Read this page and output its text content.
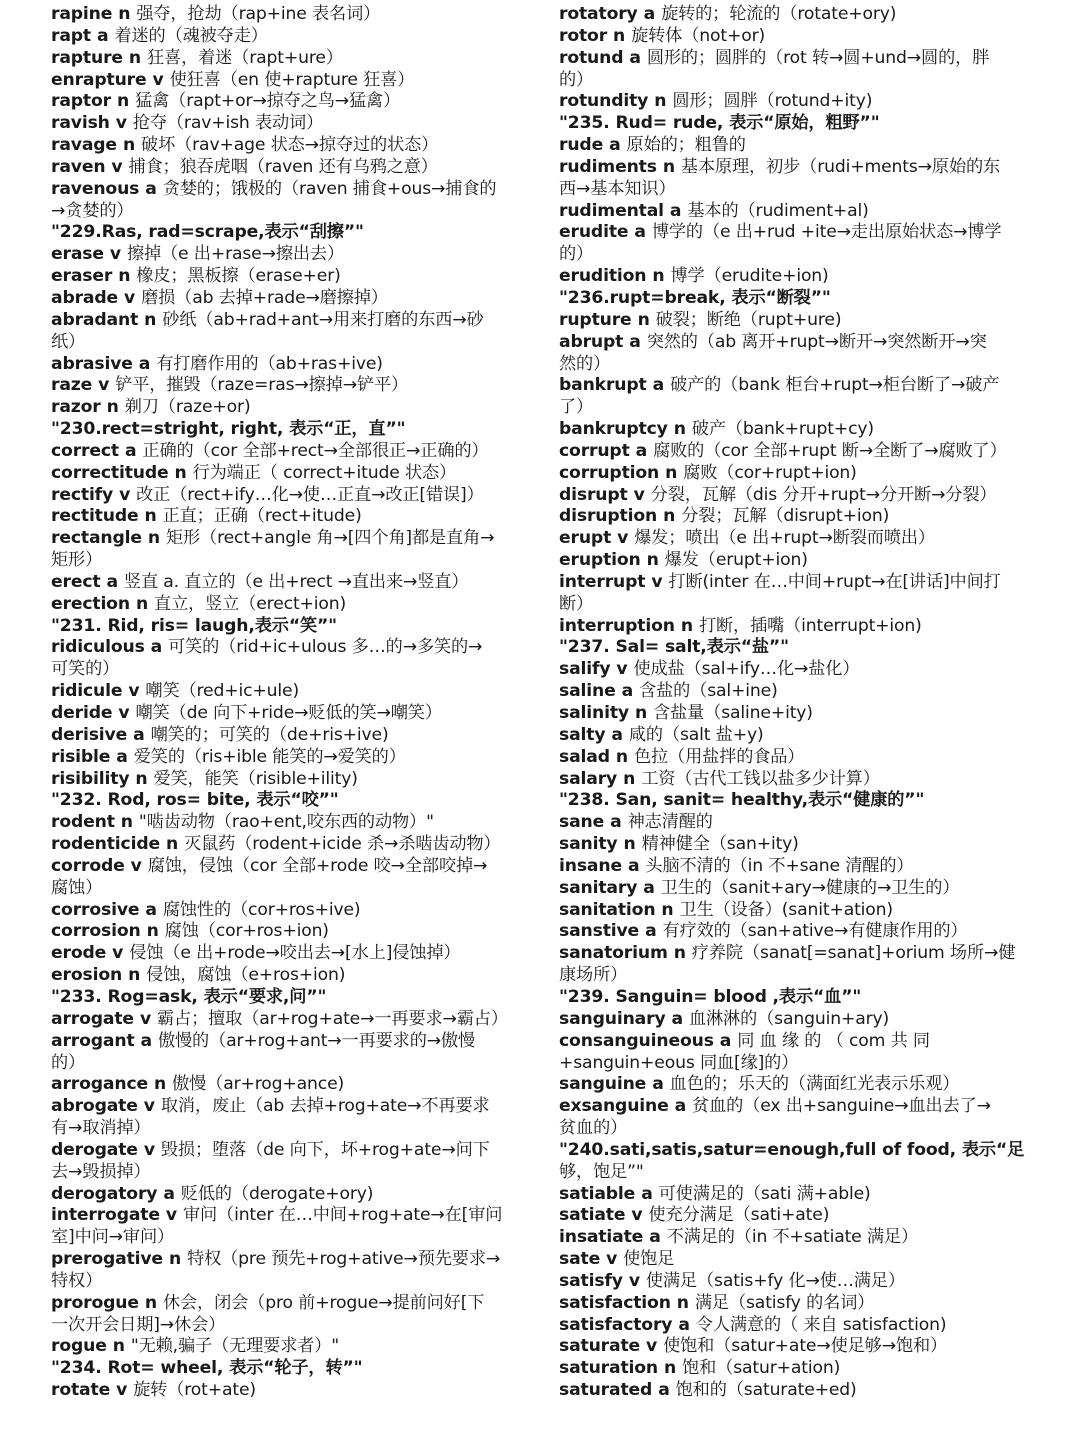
rapine n 强夺，抢劫（rap+ine 表名词）
rapt a 着迷的（魂被夺走）
rapture n 狂喜，着迷（rapt+ure）
enrapture v 使狂喜（en 使+rapture 狂喜）
raptor n 猛禽（rapt+or→掠夺之鸟→猛禽）
ravish v 抢夺（rav+ish 表动词）
ravage n 破坏（rav+age 状态→掠夺过的状态）
raven v 捕食；狼吞虎咽（raven 还有乌鸦之意）
ravenous a 贪婪的；饿极的（raven 捕食+ous→捕食的
→贪婪的）
"229.Ras, rad=scrape,表示“刮擦”"
erase v 擦掉（e 出+rase→擦出去）
eraser n 橡皮；黑板擦（erase+er)
abrade v 磨损（ab 去掉+rade→磨擦掉）
abradant n 砂纸（ab+rad+ant→用来打磨的东西→砂
纸）
abrasive a 有打磨作用的（ab+ras+ive)
raze v 铲平，摧毁（raze=ras→擦掉→铲平）
razor n 剃刀（raze+or)
"230.rect=stright, right, 表示“正，直”"
correct a 正确的（cor 全部+rect→全部很正→正确的）
correctitude n 行为端正（ correct+itude 状态）
rectify v 改正（rect+ify…化→使…正直→改正[错误]）
rectitude n 正直；正确（rect+itude)
rectangle n 矩形（rect+angle 角→[四个角]都是直角→
矩形）
erect a 竖直 a. 直立的（e 出+rect →直出来→竖直）
erection n 直立，竖立（erect+ion)
"231. Rid, ris= laugh,表示“笑”"
ridiculous a 可笑的（rid+ic+ulous 多…的→多笑的→
可笑的）
ridicule v 嘲笑（red+ic+ule)
deride v 嘲笑（de 向下+ride→贬低的笑→嘲笑）
derisive a 嘲笑的；可笑的（de+ris+ive)
risible a 爱笑的（ris+ible 能笑的→爱笑的）
risibility n 爱笑，能笑（risible+ility)
"232. Rod, ros= bite, 表示“咬”"
rodent n "啮齿动物（rao+ent,咬东西的动物）"
rodenticide n 灭鼠药（rodent+icide 杀→杀啮齿动物）
corrode v 腐蚀，侵蚀（cor 全部+rode 咬→全部咬掉→
腐蚀）
corrosive a 腐蚀性的（cor+ros+ive)
corrosion n 腐蚀（cor+ros+ion)
erode v 侵蚀（e 出+rode→咬出去→[水上]侵蚀掉）
erosion n 侵蚀，腐蚀（e+ros+ion)
"233. Rog=ask, 表示“要求,问”"
arrogate v 霸占；擅取（ar+rog+ate→一再要求→霸占）
arrogant a 傲慢的（ar+rog+ant→一再要求的→傲慢
的）
arrogance n 傲慢（ar+rog+ance)
abrogate v 取消，废止（ab 去掉+rog+ate→不再要求
有→取消掉）
derogate v 毁损；堕落（de 向下，坏+rog+ate→问下
去→毁损掉）
derogatory a 贬低的（derogate+ory)
interrogate v 审问（inter 在…中间+rog+ate→在[审问
室]中问→审问）
prerogative n 特权（pre 预先+rog+ative→预先要求→
特权）
prorogue n 休会，闭会（pro 前+rogue→提前问好[下
一次开会日期]→休会）
rogue n "无赖,骗子（无理要求者）"
"234. Rot= wheel, 表示“轮子，转”"
rotate v 旋转（rot+ate)
rotatory a 旋转的；轮流的（rotate+ory)
rotor n 旋转体（not+or)
rotund a 圆形的；圆胖的（rot 转→圆+und→圆的，胖
的）
rotundity n 圆形；圆胖（rotund+ity)
"235. Rud= rude, 表示“原始，粗野”"
rude a 原始的；粗鲁的
rudiments n 基本原理，初步（rudi+ments→原始的东
西→基本知识）
rudimental a 基本的（rudiment+al)
erudite a 博学的（e 出+rud +ite→走出原始状态→博学
的）
erudition n 博学（erudite+ion)
"236.rupt=break, 表示“断裂”"
rupture n 破裂；断绝（rupt+ure)
abrupt a 突然的（ab 离开+rupt→断开→突然断开→突
然的）
bankrupt a 破产的（bank 柜台+rupt→柜台断了→破产
了）
bankruptcy n 破产（bank+rupt+cy)
corrupt a 腐败的（cor 全部+rupt 断→全断了→腐败了）
corruption n 腐败（cor+rupt+ion)
disrupt v 分裂，瓦解（dis 分开+rupt→分开断→分裂）
disruption n 分裂；瓦解（disrupt+ion)
erupt v 爆发；喷出（e 出+rupt→断裂而喷出）
eruption n 爆发（erupt+ion)
interrupt v 打断(inter 在…中间+rupt→在[讲话]中间打
断）
interruption n 打断，插嘴（interrupt+ion)
"237. Sal= salt,表示“盐”"
salify v 使成盐（sal+ify…化→盐化）
saline a 含盐的（sal+ine)
salinity n 含盐量（saline+ity)
salty a 咸的（salt 盐+y)
salad n 色拉（用盐拌的食品）
salary n 工资（古代工钱以盐多少计算）
"238. San, sanit= healthy,表示“健康的”"
sane a 神志清醒的
sanity n 精神健全（san+ity)
insane a 头脑不清的（in 不+sane 清醒的）
sanitary a 卫生的（sanit+ary→健康的→卫生的）
sanitation n 卫生（设备）(sanit+ation)
sanstive a 有疗效的（san+ative→有健康作用的）
sanatorium n 疗养院（sanat[=sanat]+orium 场所→健
康场所）
"239. Sanguin= blood ,表示“血”"
sanguinary a 血淋淋的（sanguin+ary)
consanguineous a 同 血 缘 的 （ com 共 同
+sanguin+eous 同血[缘]的）
sanguine a 血色的；乐天的（满面红光表示乐观）
exsanguine a 贫血的（ex 出+sanguine→血出去了→
贫血的）
"240.sati,satis,satur=enough,full of food, 表示“足
够，饱足”"
satiable a 可使满足的（sati 满+able)
satiate v 使充分满足（sati+ate)
insatiate a 不满足的（in 不+satiate 满足）
sate v 使饱足
satisfy v 使满足（satis+fy 化→使…满足）
satisfaction n 满足（satisfy 的名词）
satisfactory a 令人满意的（ 来自 satisfaction)
saturate v 使饱和（satur+ate→使足够→饱和）
saturation n 饱和（satur+ation)
saturated a 饱和的（saturate+ed)
